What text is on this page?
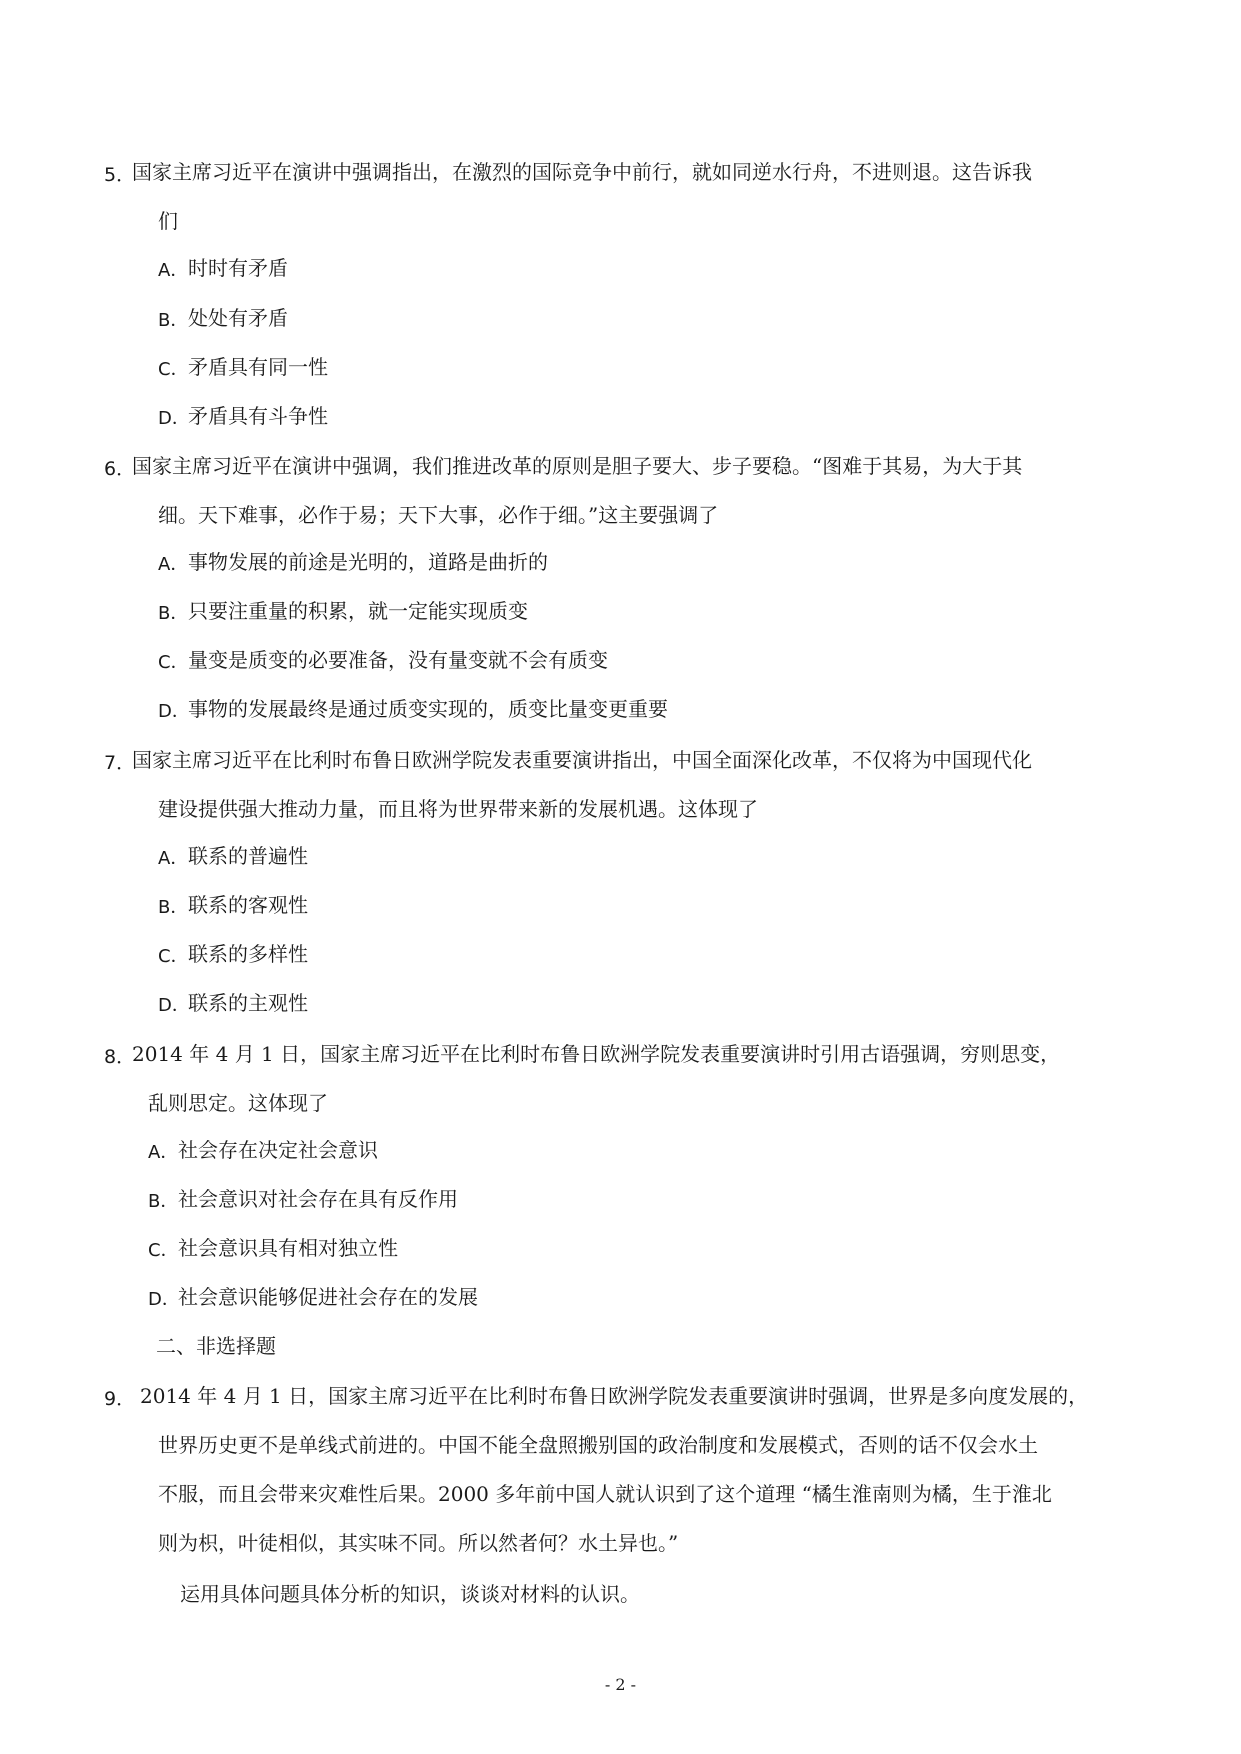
5．
国家主席习近平在演讲中强调指出，在激烈的国际竞争中前行，就如同逆水行舟，不进则退。这告诉我
们
A． 时时有矛盾
B． 处处有矛盾
C． 矛盾具有同一性
D．
矛盾具有斗争性
6．
国家主席习近平在演讲中强调，我们推进改革的原则是胆子要大、步子要稳。“图难于其易，为大于其
细。天下难事，必作于易；天下大事，必作于细。”这主要强调了
A． 事物发展的前途是光明的，道路是曲折的
B． 只要注重量的积累，就一定能实现质变
C． 量变是质变的必要准备，没有量变就不会有质变
D．
事物的发展最终是通过质变实现的，质变比量变更重要
7．
国家主席习近平在比利时布鲁日欧洲学院发表重要演讲指出，中国全面深化改革，不仅将为中国现代化
建设提供强大推动力量，而且将为世界带来新的发展机遇。这体现了
A． 联系的普遍性
B． 联系的客观性
C． 联系的多样性
D．
联系的主观性
8．
2014 年 4 月 1 日，国家主席习近平在比利时布鲁日欧洲学院发表重要演讲时引用古语强调，穷则思变，
乱则思定。这体现了
A． 社会存在决定社会意识
B． 社会意识对社会存在具有反作用
C． 社会意识具有相对独立性
D．
社会意识能够促进社会存在的发展
二、非选择题
9． 2014 年 4 月 1 日，国家主席习近平在比利时布鲁日欧洲学院发表重要演讲时强调，世界是多向度发展的，
世界历史更不是单线式前进的。中国不能全盘照搬别国的政治制度和发展模式，否则的话不仅会水土
不服，而且会带来灾难性后果。2000 多年前中国人就认识到了这个道理 “橘生淮南则为橘，生于淮北
则为枳，叶徒相似，其实味不同。所以然者何？水土异也。”
运用具体问题具体分析的知识，谈谈对材料的认识。
- 2 -
